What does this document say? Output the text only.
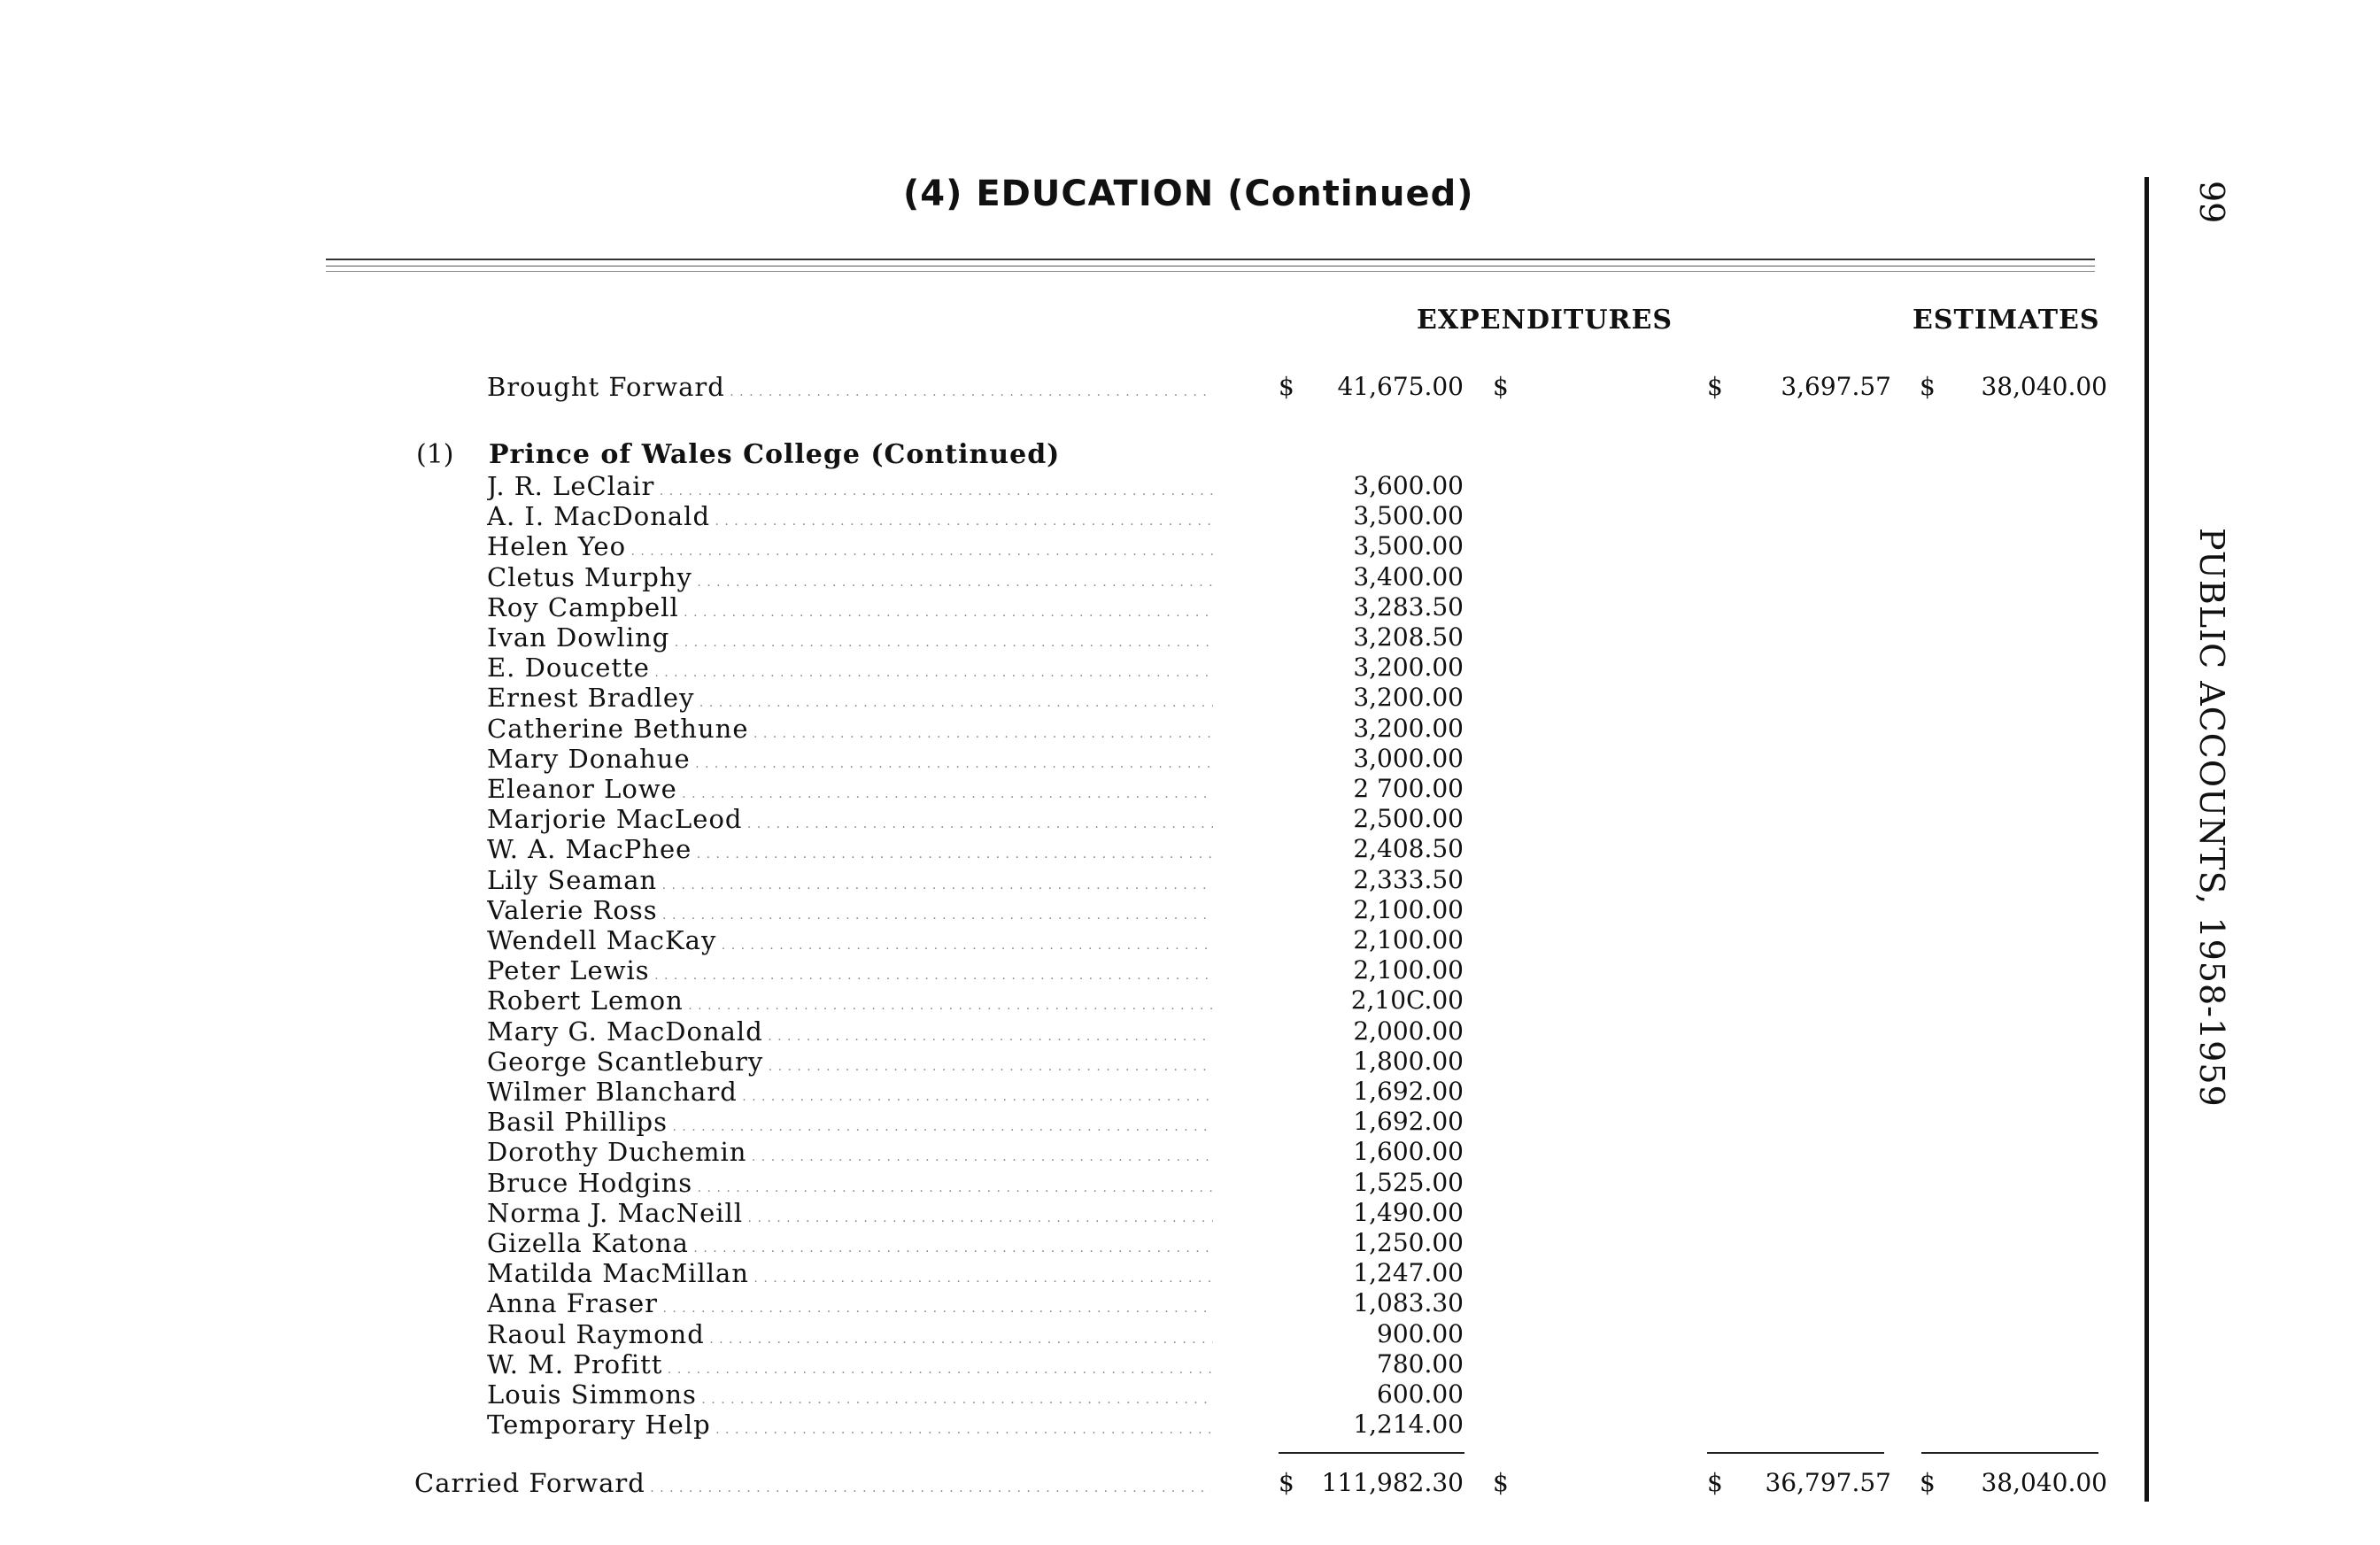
(4) EDUCATION (Continued)
EXPENDITURES	ESTIMATES
Brought Forward . . .	$	41,675.00 $	$	3,697.57 $	38,040.00
(1) Prince of Wales College (Continued)
J. R. LeClair . . .	3,600.00
A. I. MacDonald . . .	3,500.00
Helen Yeo . . .	3,500.00
Cletus Murphy . . .	3,400.00
Roy Campbell . . .	3,283.50
Ivan Dowling . . .	3,208.50
E. Doucette . . .	3,200.00
Ernest Bradley . . .	3,200.00
Catherine Bethune . . .	3,200.00
Mary Donahue . . .	3,000.00
Eleanor Lowe . . .	2 700.00
Marjorie MacLeod . . .	2,500.00
W. A. MacPhee . . .	2,408.50
Lily Seaman . . .	2,333.50
Valerie Ross . . .	2,100.00
Wendell MacKay . . .	2,100.00
Peter Lewis . . .	2,100.00
Robert Lemon . . .	2,10C.00
Mary G. MacDonald . . .	2,000.00
George Scantlebury . . .	1,800.00
Wilmer Blanchard . . .	1,692.00
Basil Phillips . . .	1,692.00
Dorothy Duchemin . . .	1,600.00
Bruce Hodgins . . .	1,525.00
Norma J. MacNeill . . .	1,490.00
Gizella Katona . . .	1,250.00
Matilda MacMillan . . .	1,247.00
Anna Fraser . . .	1,083.30
Raoul Raymond . . .	900.00
W. M. Profitt . . .	780.00
Louis Simmons . . .	600.00
Temporary Help . . .	1,214.00
Carried Forward . . .	$	111,982.30 $	$	36,797.57 $	38,040.00
99
PUBLIC ACCOUNTS, 1958-1959
